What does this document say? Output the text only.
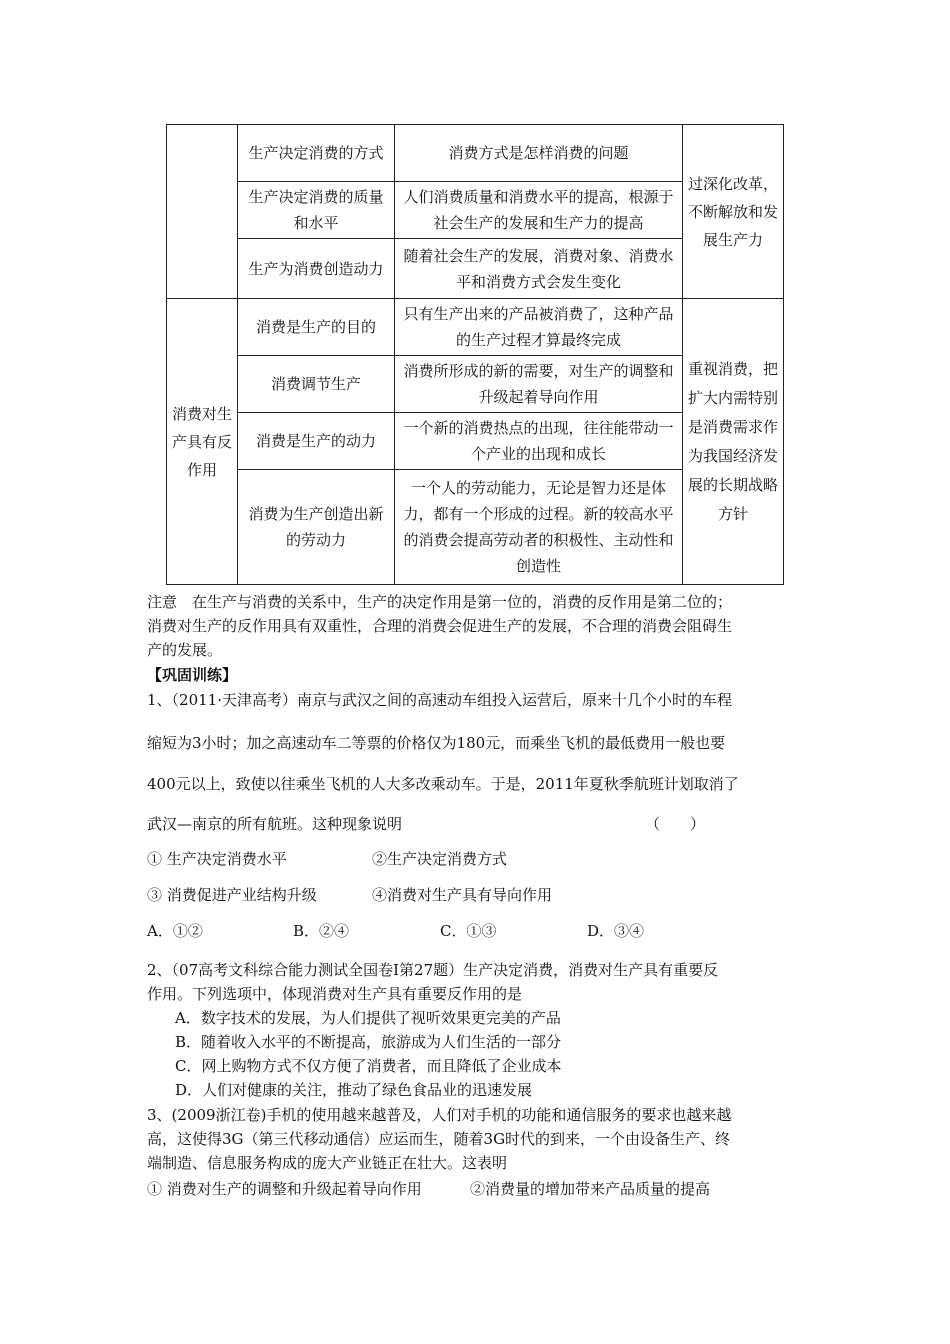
	生产决定消费的方式	消费方式是怎样消费的问题	过深化改革，不断解放和发展生产力
	生产决定消费的质量和水平	人们消费质量和消费水平的提高，根源于社会生产的发展和生产力的提高	
	生产为消费创造动力	随着社会生产的发展，消费对象、消费水平和消费方式会发生变化	
消费对生产具有反作用	消费是生产的目的	只有生产出来的产品被消费了，这种产品的生产过程才算最终完成	重视消费，把扩大内需特别是消费需求作为我国经济发展的长期战略方针
	消费调节生产	消费所形成的新的需要，对生产的调整和升级起着导向作用	
	消费是生产的动力	一个新的消费热点的出现，往往能带动一个产业的出现和成长	
	消费为生产创造出新的劳动力	一个人的劳动能力，无论是智力还是体力，都有一个形成的过程。新的较高水平的消费会提高劳动者的积极性、主动性和创造性	
注意　在生产与消费的关系中，生产的决定作用是第一位的，消费的反作用是第二位的；
消费对生产的反作用具有双重性，合理的消费会促进生产的发展，不合理的消费会阻碍生
产的发展。
【巩固训练】
1、（2011·天津高考）南京与武汉之间的高速动车组投入运营后，原来十几个小时的车程
缩短为3小时；加之高速动车二等票的价格仅为180元，而乘坐飞机的最低费用一般也要
400元以上，致使以往乘坐飞机的人大多改乘动车。于是，2011年夏秋季航班计划取消了
武汉—南京的所有航班。这种现象说明	（　　）
① 生产决定消费水平	②生产决定消费方式
③ 消费促进产业结构升级	④消费对生产具有导向作用
A．①②	B．②④	C．①③	D．③④
2、（07高考文科综合能力测试全国卷Ⅰ第27题）生产决定消费，消费对生产具有重要反
作用。下列选项中，体现消费对生产具有重要反作用的是
A．数字技术的发展，为人们提供了视听效果更完美的产品
B．随着收入水平的不断提高，旅游成为人们生活的一部分
C．网上购物方式不仅方便了消费者，而且降低了企业成本
D．人们对健康的关注，推动了绿色食品业的迅速发展
3、(2009浙江卷)手机的使用越来越普及，人们对手机的功能和通信服务的要求也越来越
高，这使得3G（第三代移动通信）应运而生，随着3G时代的到来，一个由设备生产、终
端制造、信息服务构成的庞大产业链正在壮大。这表明
① 消费对生产的调整和升级起着导向作用	②消费量的增加带来产品质量的提高
